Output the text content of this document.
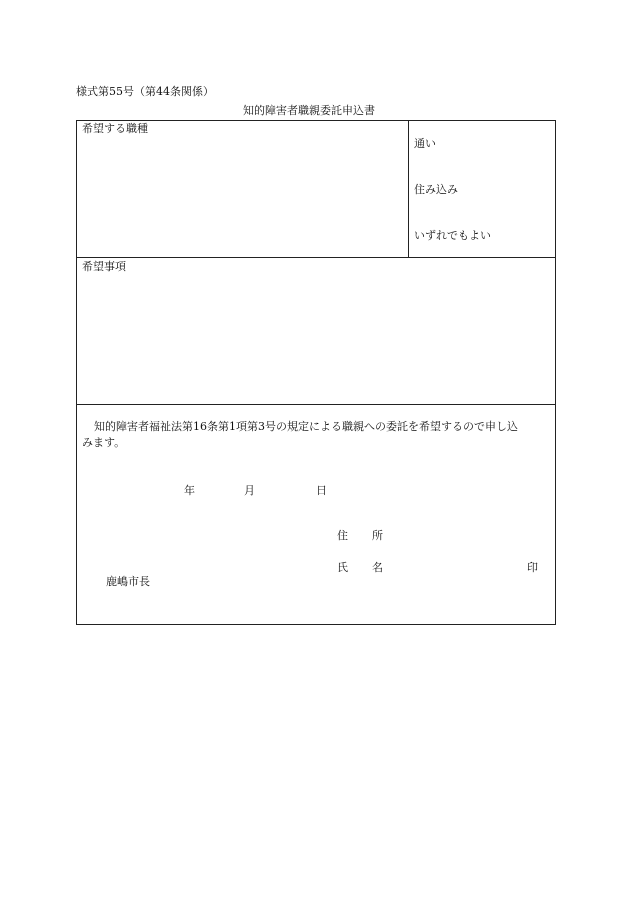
様式第55号（第44条関係）
知的障害者職親委託申込書
希望する職種
通い
住み込み
いずれでもよい
希望事項
知的障害者福祉法第16条第1項第3号の規定による職親への委託を希望するので申し込
みます。
年	月	日
住 所
氏 名	印
鹿嶋市長
